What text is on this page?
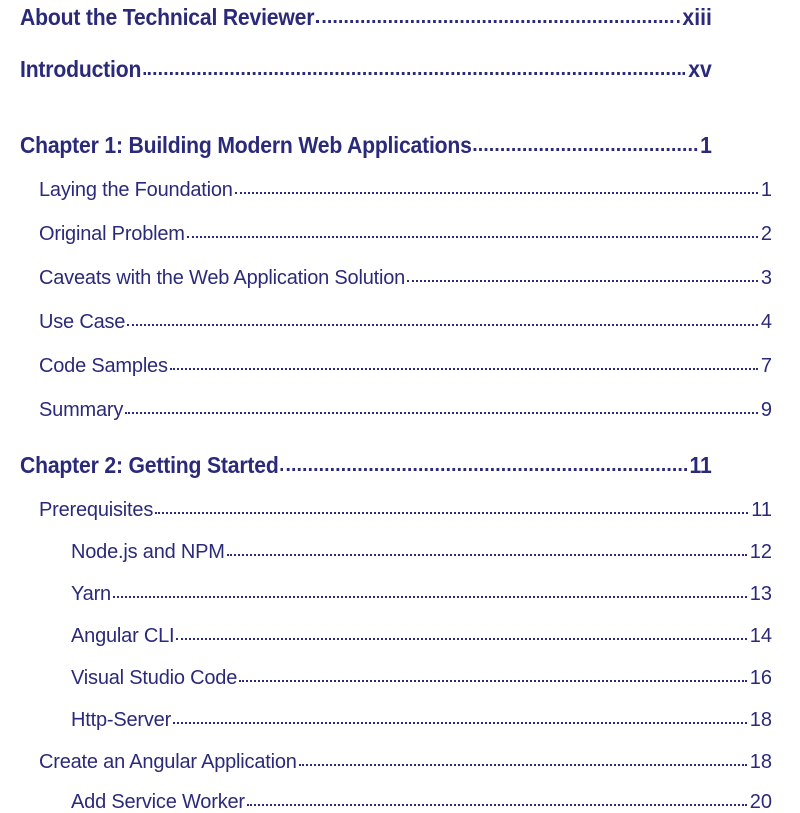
About the Technical Reviewer	xiii
Introduction	xv
Chapter 1: Building Modern Web Applications	1
Laying the Foundation	1
Original Problem	2
Caveats with the Web Application Solution	3
Use Case	4
Code Samples	7
Summary	9
Chapter 2: Getting Started	11
Prerequisites	11
Node.js and NPM	12
Yarn	13
Angular CLI	14
Visual Studio Code	16
Http-Server	18
Create an Angular Application	18
Add Service Worker	20
